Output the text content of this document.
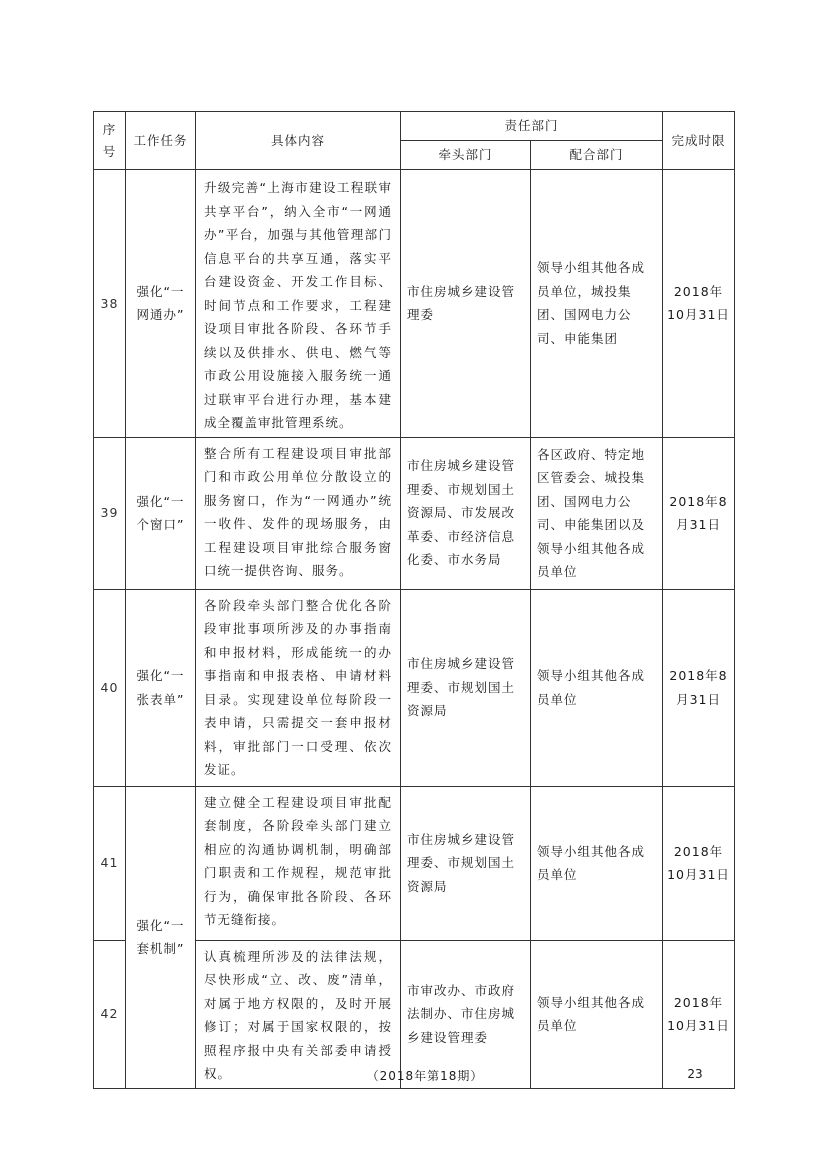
序号	工作任务	具体内容	责任部门		完成时限
			牵头部门	配合部门	
38	强化“一网通办”	升级完善“上海市建设工程联审共享平台”，纳入全市“一网通办”平台，加强与其他管理部门信息平台的共享互通，落实平台建设资金、开发工作目标、时间节点和工作要求，工程建设项目审批各阶段、各环节手续以及供排水、供电、燃气等市政公用设施接入服务统一通过联审平台进行办理，基本建成全覆盖审批管理系统。	市住房城乡建设管理委	领导小组其他各成员单位，城投集团、国网电力公司、申能集团	2018年10月31日
39	强化“一个窗口”	整合所有工程建设项目审批部门和市政公用单位分散设立的服务窗口，作为“一网通办”统一收件、发件的现场服务，由工程建设项目审批综合服务窗口统一提供咨询、服务。	市住房城乡建设管理委、市规划国土资源局、市发展改革委、市经济信息化委、市水务局	各区政府、特定地区管委会、城投集团、国网电力公司、申能集团以及领导小组其他各成员单位	2018年8月31日
40	强化“一张表单”	各阶段牵头部门整合优化各阶段审批事项所涉及的办事指南和申报材料，形成能统一的办事指南和申报表格、申请材料目录。实现建设单位每阶段一表申请，只需提交一套申报材料，审批部门一口受理、依次发证。	市住房城乡建设管理委、市规划国土资源局	领导小组其他各成员单位	2018年8月31日
41	强化“一套机制”	建立健全工程建设项目审批配套制度，各阶段牵头部门建立相应的沟通协调机制，明确部门职责和工作规程，规范审批行为，确保审批各阶段、各环节无缝衔接。	市住房城乡建设管理委、市规划国土资源局	领导小组其他各成员单位	2018年10月31日
42		认真梳理所涉及的法律法规，尽快形成“立、改、废”清单，对属于地方权限的，及时开展修订；对属于国家权限的，按照程序报中央有关部委申请授权。	市审改办、市政府法制办、市住房城乡建设管理委	领导小组其他各成员单位	2018年10月31日
（2018年第18期）	23
